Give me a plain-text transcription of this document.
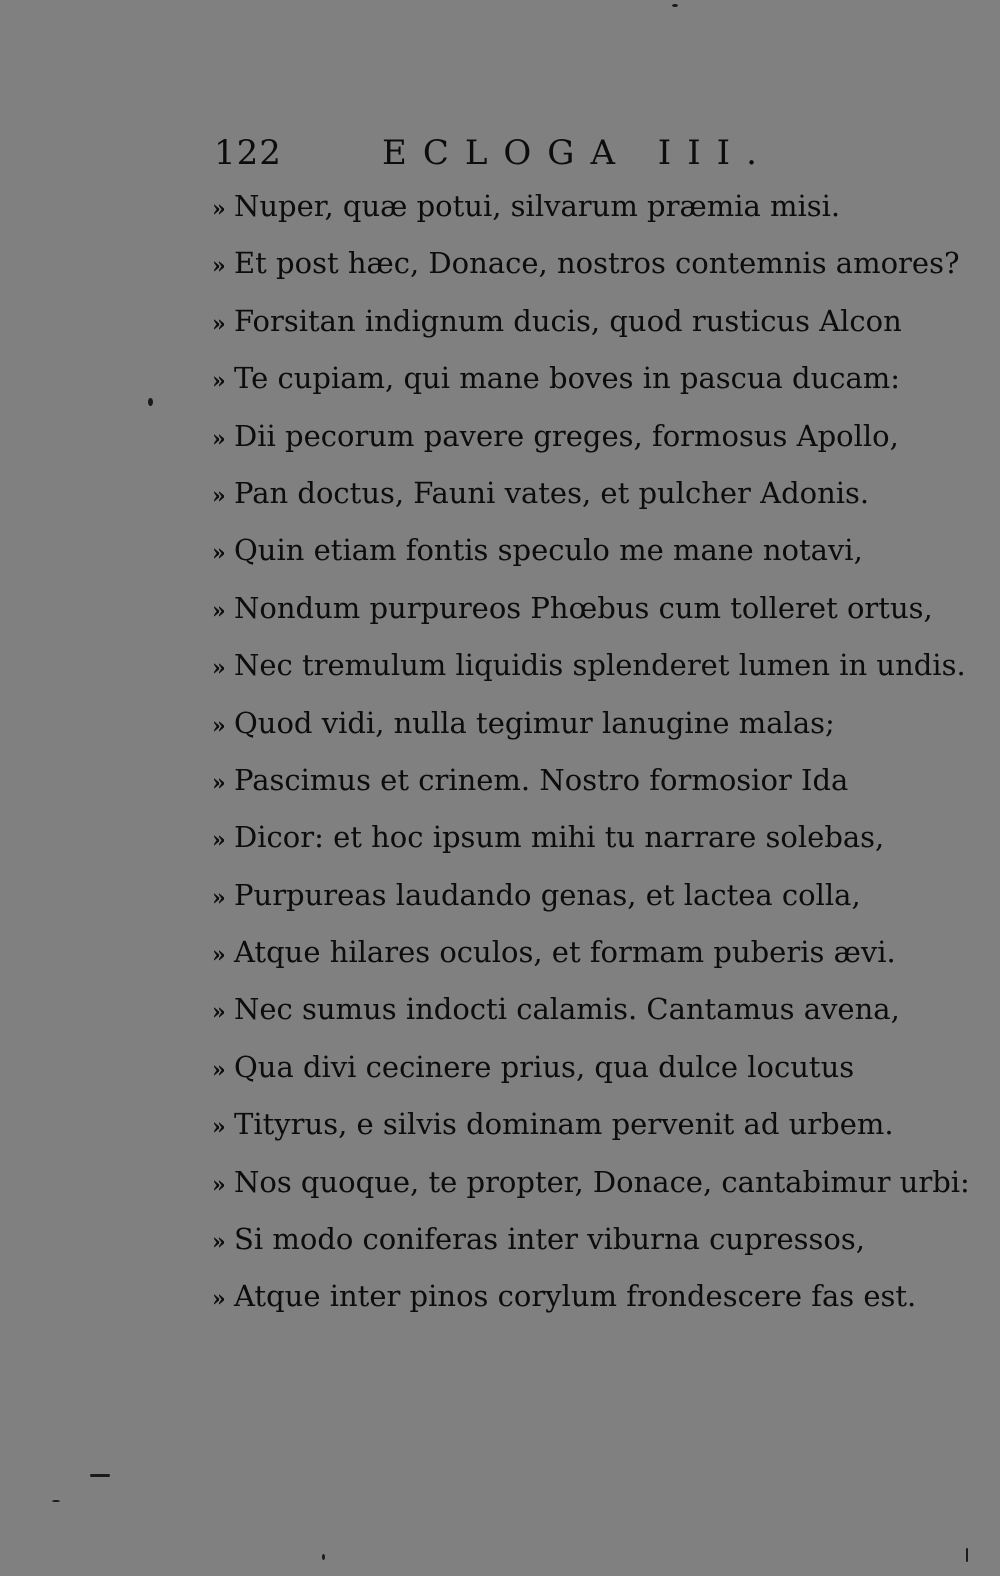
122	ECLOGA III.
» Nuper, quæ potui, silvarum præmia misi.
» Et post hæc, Donace, nostros contemnis amores?
» Forsitan indignum ducis, quod rusticus Alcon
» Te cupiam, qui mane boves in pascua ducam:
» Dii pecorum pavere greges, formosus Apollo,
» Pan doctus, Fauni vates, et pulcher Adonis.
» Quin etiam fontis speculo me mane notavi,
» Nondum purpureos Phœbus cum tolleret ortus,
» Nec tremulum liquidis splenderet lumen in undis.
» Quod vidi, nulla tegimur lanugine malas;
» Pascimus et crinem. Nostro formosior Ida
» Dicor: et hoc ipsum mihi tu narrare solebas,
» Purpureas laudando genas, et lactea colla,
» Atque hilares oculos, et formam puberis ævi.
» Nec sumus indocti calamis. Cantamus avena,
» Qua divi cecinere prius, qua dulce locutus
» Tityrus, e silvis dominam pervenit ad urbem.
» Nos quoque, te propter, Donace, cantabimur urbi:
» Si modo coniferas inter viburna cupressos,
» Atque inter pinos corylum frondescere fas est.
